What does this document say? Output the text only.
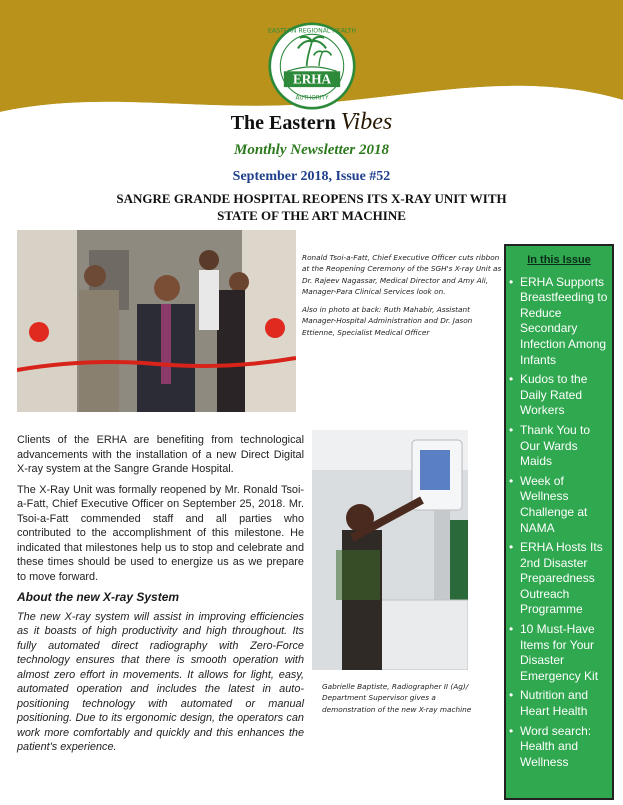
EASTERN REGIONAL HEALTH
ERHA
AUTHORITY
The Eastern Vibes
Monthly Newsletter 2018
September 2018, Issue #52
SANGRE GRANDE HOSPITAL REOPENS ITS X-RAY UNIT WITH
STATE OF THE ART MACHINE

Ronald Tsoi-a-Fatt, Chief Executive Officer cuts ribbon at the Reopening Ceremony of the SGH's X-ray Unit as Dr. Rajeev Nagassar, Medical Director and Amy Ali, Manager-Para Clinical Services look on.

Also in photo at back: Ruth Mahabir, Assistant Manager-Hospital Administration and Dr. Jason Ettienne, Specialist Medical Officer

Clients of the ERHA are benefiting from technological advancements with the installation of a new Direct Digital X-ray system at the Sangre Grande Hospital.

The X-Ray Unit was formally reopened by Mr. Ronald Tsoi-a-Fatt, Chief Executive Officer on September 25, 2018. Mr. Tsoi-a-Fatt commended staff and all parties who contributed to the accomplishment of this milestone. He indicated that milestones help us to stop and celebrate and these times should be used to energize us as we prepare to move forward.

About the new X-ray System

The new X-ray system will assist in improving efficiencies as it boasts of high productivity and high throughout. Its fully automated direct radiography with Zero-Force technology ensures that there is smooth operation with almost zero effort in movements. It allows for light, easy, automated operation and includes the latest in auto-positioning technology with automated or manual positioning. Due to its ergonomic design, the operators can work more comfortably and quickly and this enhances the patient's experience.

Gabrielle Baptiste, Radiographer II (Ag)/ Department Supervisor gives a demonstration of the new X-ray machine
In this Issue
• ERHA Supports Breastfeeding to Reduce Secondary Infection Among Infants
• Kudos to the Daily Rated Workers
• Thank You to Our Wards Maids
• Week of Wellness Challenge at NAMA
• ERHA Hosts Its 2nd Disaster Preparedness Outreach Programme
• 10 Must-Have Items for Your Disaster Emergency Kit
• Nutrition and Heart Health
• Word search: Health and Wellness
